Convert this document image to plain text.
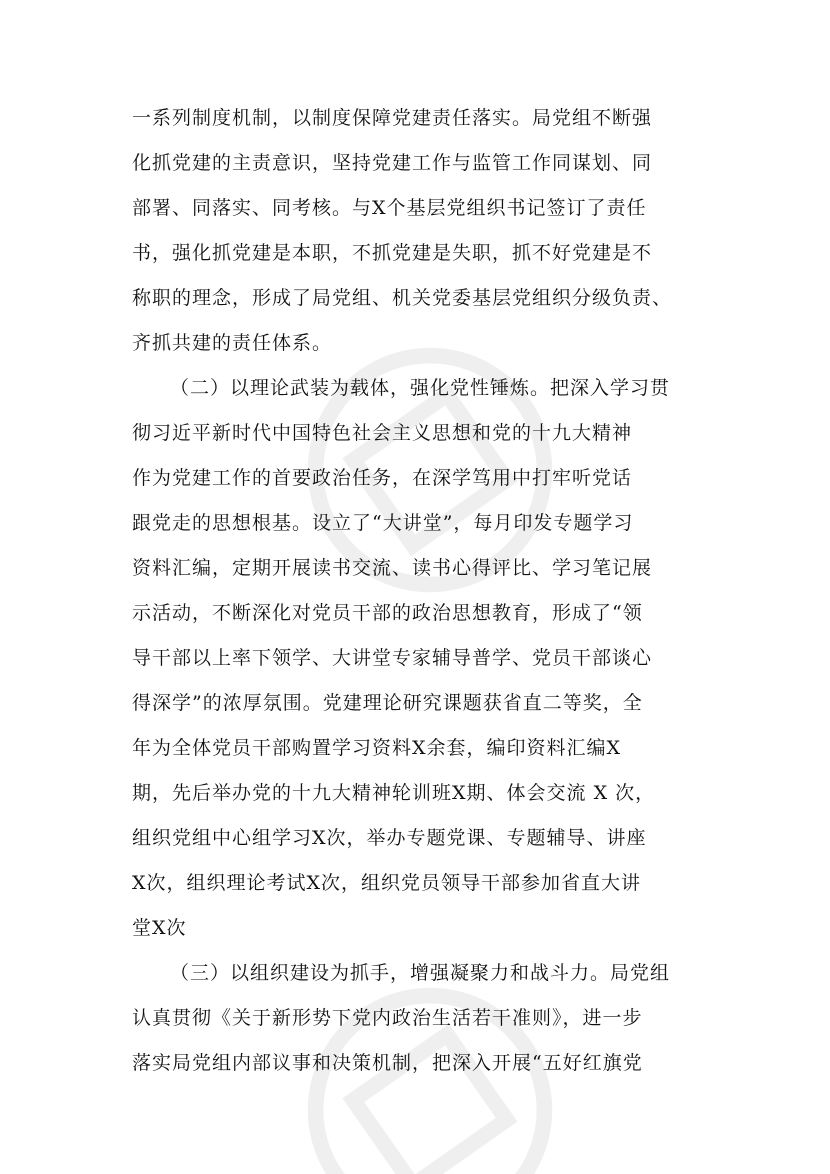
一系列制度机制，以制度保障党建责任落实。局党组不断强
化抓党建的主责意识，坚持党建工作与监管工作同谋划、同
部署、同落实、同考核。与X个基层党组织书记签订了责任
书，强化抓党建是本职，不抓党建是失职，抓不好党建是不
称职的理念，形成了局党组、机关党委基层党组织分级负责、
齐抓共建的责任体系。

（二）以理论武装为载体，强化党性锤炼。把深入学习贯
彻习近平新时代中国特色社会主义思想和党的十九大精神
作为党建工作的首要政治任务，在深学笃用中打牢听党话
跟党走的思想根基。设立了“大讲堂”，每月印发专题学习
资料汇编，定期开展读书交流、读书心得评比、学习笔记展
示活动，不断深化对党员干部的政治思想教育，形成了“领
导干部以上率下领学、大讲堂专家辅导普学、党员干部谈心
得深学”的浓厚氛围。党建理论研究课题获省直二等奖，全
年为全体党员干部购置学习资料X余套，编印资料汇编X
期，先后举办党的十九大精神轮训班X期、体会交流 X 次，
组织党组中心组学习X次，举办专题党课、专题辅导、讲座
X次，组织理论考试X次，组织党员领导干部参加省直大讲
堂X次

（三）以组织建设为抓手，增强凝聚力和战斗力。局党组
认真贯彻《关于新形势下党内政治生活若干准则》，进一步
落实局党组内部议事和决策机制，把深入开展“五好红旗党
